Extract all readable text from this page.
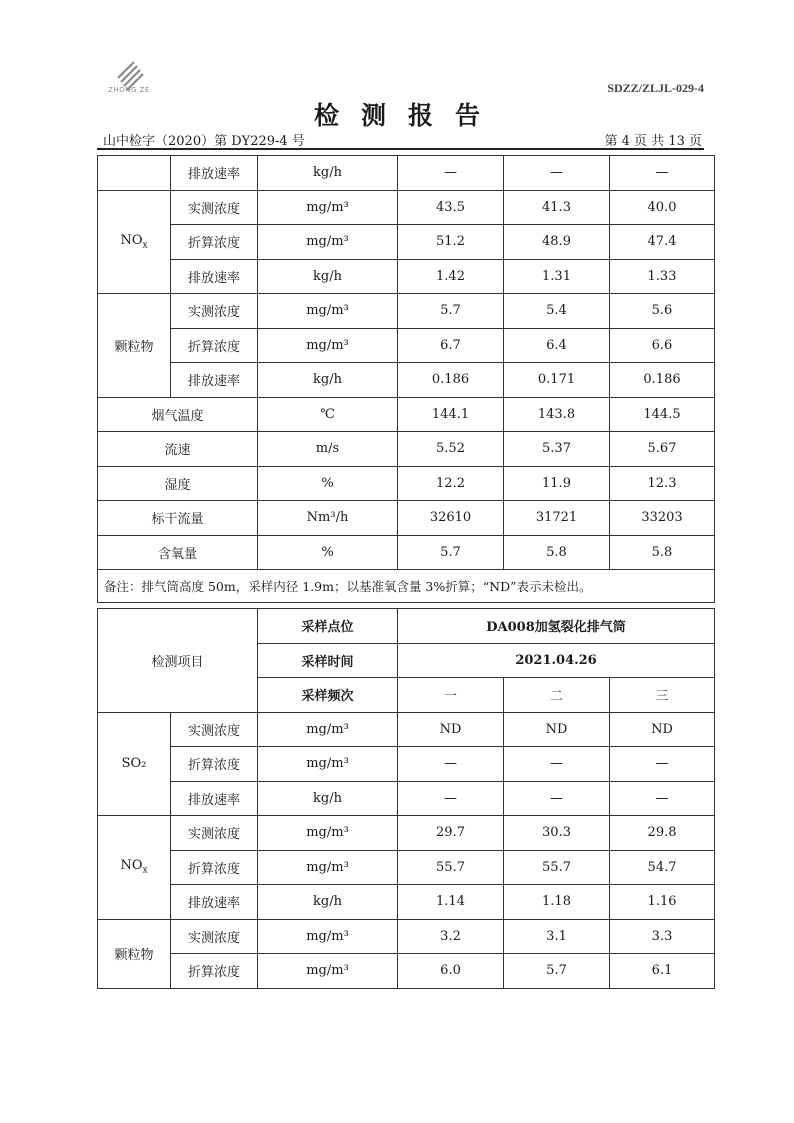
ZHONG ZE	SDZZ/ZLJL-029-4
检测报告
山中检字（2020）第 DY229-4 号	第 4 页 共 13 页
	排放速率	kg/h	—	—	—
$NO_x$	实测浓度	mg/m³	43.5	41.3	40.0
	折算浓度	mg/m³	51.2	48.9	47.4
	排放速率	kg/h	1.42	1.31	1.33
颗粒物	实测浓度	mg/m³	5.7	5.4	5.6
	折算浓度	mg/m³	6.7	6.4	6.6
	排放速率	kg/h	0.186	0.171	0.186
烟气温度		℃	144.1	143.8	144.5
流速		m/s	5.52	5.37	5.67
湿度		%	12.2	11.9	12.3
标干流量		Nm³/h	32610	31721	33203
含氧量		%	5.7	5.8	5.8
备注：排气筒高度 50m，采样内径 1.9m；以基准氧含量 3%折算；“ND”表示未检出。					
检测项目		采样点位	DA008加氢裂化排气筒		
		采样时间	2021.04.26		
		采样频次	一	二	三
SO₂	实测浓度	mg/m³	ND	ND	ND
	折算浓度	mg/m³	—	—	—
	排放速率	kg/h	—	—	—
$NO_x$	实测浓度	mg/m³	29.7	30.3	29.8
	折算浓度	mg/m³	55.7	55.7	54.7
	排放速率	kg/h	1.14	1.18	1.16
颗粒物	实测浓度	mg/m³	3.2	3.1	3.3
	折算浓度	mg/m³	6.0	5.7	6.1
